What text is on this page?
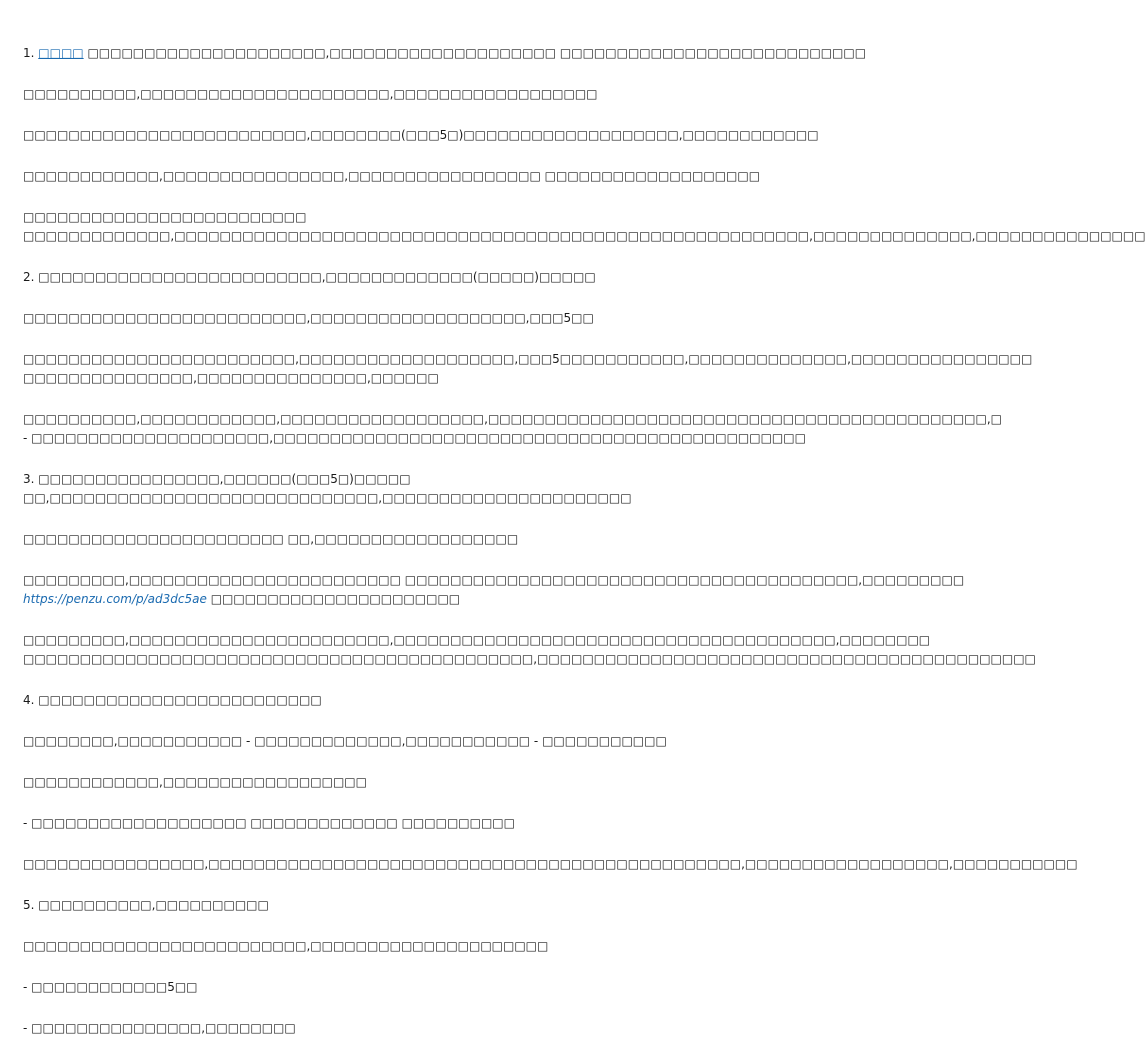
1. □□□□ □□□□□□□□□□□□□□□□□□□□□,□□□□□□□□□□□□□□□□□□□□ □□□□□□□□□□□□□□□□□□□□□□□□□□□

□□□□□□□□□□,□□□□□□□□□□□□□□□□□□□□□□,□□□□□□□□□□□□□□□□□□

□□□□□□□□□□□□□□□□□□□□□□□□□,□□□□□□□□(□□□5□)□□□□□□□□□□□□□□□□□□□,□□□□□□□□□□□□

□□□□□□□□□□□□,□□□□□□□□□□□□□□□□,□□□□□□□□□□□□□□□□□ □□□□□□□□□□□□□□□□□□□

□□□□□□□□□□□□□□□□□□□□□□□□□
□□□□□□□□□□□□□,□□□□□□□□□□□□□□□□□□□□□□□□□□□□□□□□□□□□□□□□□□□□□□□□□□□□□□□□,□□□□□□□□□□□□□□,□□□□□□□□□□□□□□□

2. □□□□□□□□□□□□□□□□□□□□□□□□□,□□□□□□□□□□□□□(□□□□□)□□□□□

□□□□□□□□□□□□□□□□□□□□□□□□□,□□□□□□□□□□□□□□□□□□□,□□□5□□

□□□□□□□□□□□□□□□□□□□□□□□□,□□□□□□□□□□□□□□□□□□□,□□□5□□□□□□□□□□□,□□□□□□□□□□□□□□,□□□□□□□□□□□□□□□□
□□□□□□□□□□□□□□□,□□□□□□□□□□□□□□□,□□□□□□

□□□□□□□□□□,□□□□□□□□□□□□,□□□□□□□□□□□□□□□□□□,□□□□□□□□□□□□□□□□□□□□□□□□□□□□□□□□□□□□□□□□□□□□,□
- □□□□□□□□□□□□□□□□□□□□□,□□□□□□□□□□□□□□□□□□□□□□□□□□□□□□□□□□□□□□□□□□□□□□□

3. □□□□□□□□□□□□□□□□,□□□□□□(□□□5□)□□□□□
□□,□□□□□□□□□□□□□□□□□□□□□□□□□□□□□,□□□□□□□□□□□□□□□□□□□□□□

□□□□□□□□□□□□□□□□□□□□□□□ □□,□□□□□□□□□□□□□□□□□□

□□□□□□□□□,□□□□□□□□□□□□□□□□□□□□□□□□ □□□□□□□□□□□□□□□□□□□□□□□□□□□□□□□□□□□□□□□□,□□□□□□□□□
https://penzu.com/p/ad3dc5ae □□□□□□□□□□□□□□□□□□□□□□

□□□□□□□□□,□□□□□□□□□□□□□□□□□□□□□□□,□□□□□□□□□□□□□□□□□□□□□□□□□□□□□□□□□□□□□□□,□□□□□□□□
□□□□□□□□□□□□□□□□□□□□□□□□□□□□□□□□□□□□□□□□□□□□□,□□□□□□□□□□□□□□□□□□□□□□□□□□□□□□□□□□□□□□□□□□□□

4. □□□□□□□□□□□□□□□□□□□□□□□□□

□□□□□□□□,□□□□□□□□□□□ - □□□□□□□□□□□□□,□□□□□□□□□□□ - □□□□□□□□□□□

□□□□□□□□□□□□,□□□□□□□□□□□□□□□□□□

- □□□□□□□□□□□□□□□□□□□ □□□□□□□□□□□□□ □□□□□□□□□□

□□□□□□□□□□□□□□□□,□□□□□□□□□□□□□□□□□□□□□□□□□□□□□□□□□□□□□□□□□□□□□□□,□□□□□□□□□□□□□□□□□□,□□□□□□□□□□□

5. □□□□□□□□□□,□□□□□□□□□□

□□□□□□□□□□□□□□□□□□□□□□□□□,□□□□□□□□□□□□□□□□□□□□□

- □□□□□□□□□□□□5□□

- □□□□□□□□□□□□□□□,□□□□□□□□
